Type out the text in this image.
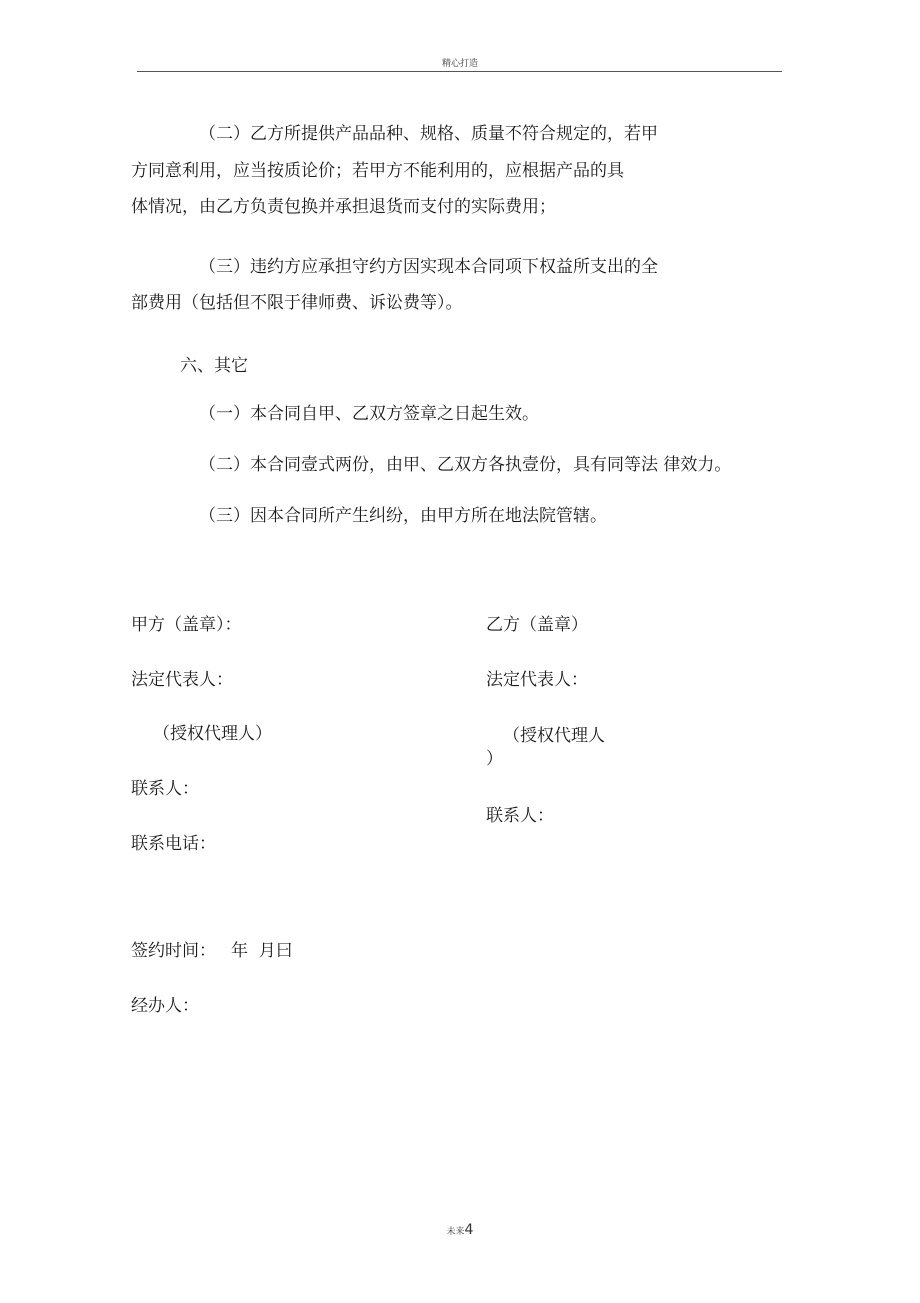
精心打造
（二）乙方所提供产品品种、规格、质量不符合规定的，若甲
方同意利用，应当按质论价；若甲方不能利用的，应根据产品的具
体情况，由乙方负责包换并承担退货而支付的实际费用；
（三）违约方应承担守约方因实现本合同项下权益所支出的全
部费用（包括但不限于律师费、诉讼费等）。
六、其它
（一）本合同自甲、乙双方签章之日起生效。
（二）本合同壹式两份，由甲、乙双方各执壹份，具有同等法 律效力。
（三）因本合同所产生纠纷，由甲方所在地法院管辖。
甲方（盖章）：
法定代表人：
（授权代理人）
联系人：
联系电话：
乙方（盖章）
法定代表人：
（授权代理人
）
联系人：
签约时间： 年  月曰
经办人：
未来4
